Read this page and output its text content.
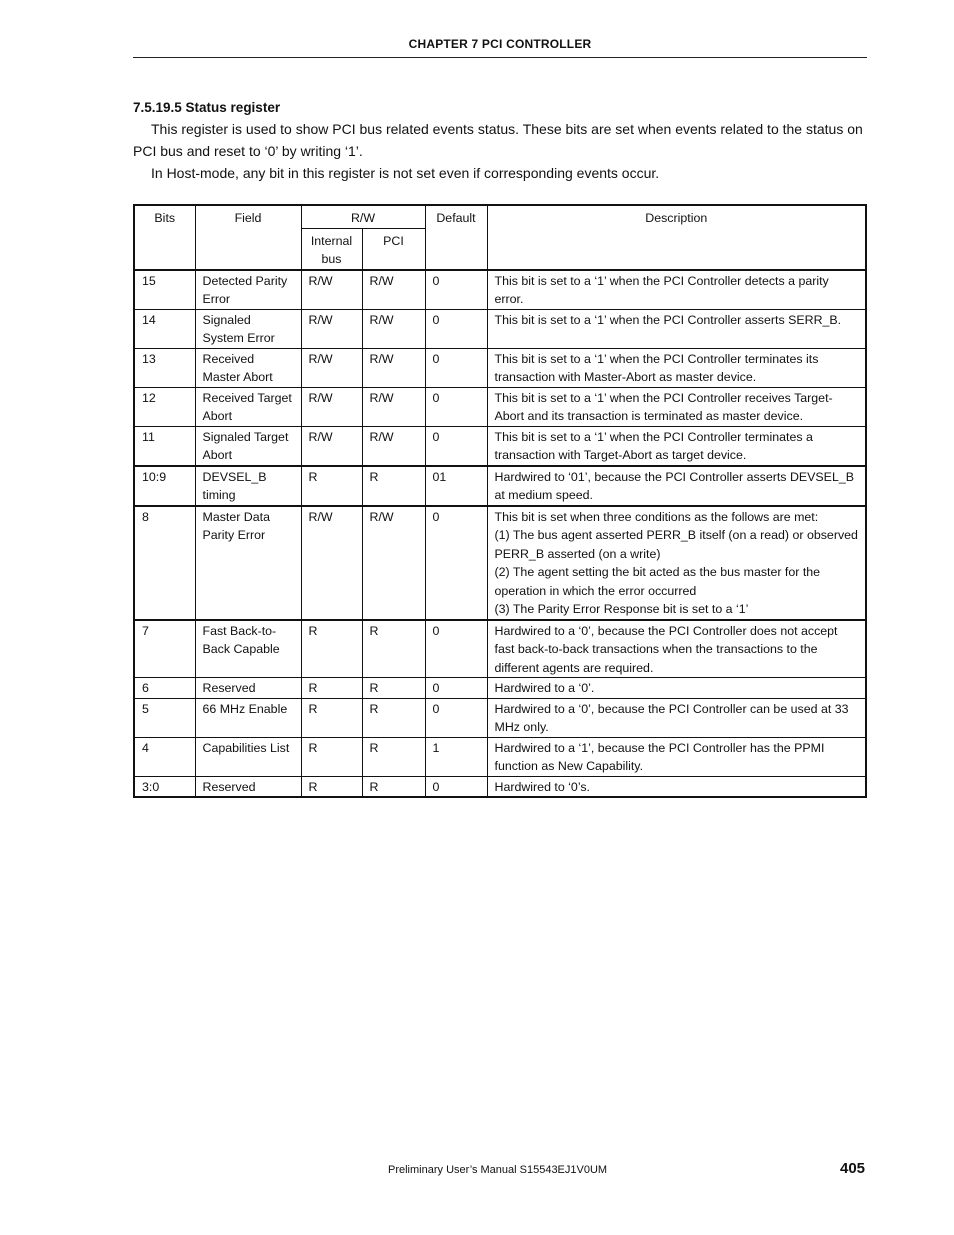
CHAPTER 7 PCI CONTROLLER
7.5.19.5 Status register
This register is used to show PCI bus related events status. These bits are set when events related to the status on PCI bus and reset to ‘0’ by writing ‘1’.
In Host-mode, any bit in this register is not set even if corresponding events occur.
Bits	Field	R/W		Default	Description
		Internal bus	PCI		
15	Detected Parity Error	R/W	R/W	0	This bit is set to a ‘1’ when the PCI Controller detects a parity error.

14	Signaled System Error	R/W	R/W	0	This bit is set to a ‘1’ when the PCI Controller asserts SERR_B.

13	Received Master Abort	R/W	R/W	0	This bit is set to a ‘1’ when the PCI Controller terminates its transaction with Master-Abort as master device.

12	Received Target Abort	R/W	R/W	0	This bit is set to a ‘1’ when the PCI Controller receives Target-Abort and its transaction is terminated as master device.

11	Signaled Target Abort	R/W	R/W	0	This bit is set to a ‘1’ when the PCI Controller terminates a transaction with Target-Abort as target device.

10:9	DEVSEL_B timing	R	R	01	Hardwired to ‘01’, because the PCI Controller asserts DEVSEL_B at medium speed.

8	Master Data Parity Error	R/W	R/W	0	This bit is set when three conditions as the follows are met:
(1) The bus agent asserted PERR_B itself (on a read) or observed PERR_B asserted (on a write)
(2) The agent setting the bit acted as the bus master for the operation in which the error occurred
(3) The Parity Error Response bit is set to a ‘1’

7	Fast Back-to-Back Capable	R	R	0	Hardwired to a ‘0’, because the PCI Controller does not accept fast back-to-back transactions when the transactions to the different agents are required.

6	Reserved	R	R	0	Hardwired to a ‘0’.

5	66 MHz Enable	R	R	0	Hardwired to a ‘0’, because the PCI Controller can be used at 33 MHz only.

4	Capabilities List	R	R	1	Hardwired to a ‘1’, because the PCI Controller has the PPMI function as New Capability.

3:0	Reserved	R	R	0	Hardwired to ‘0’s.
Preliminary User’s Manual S15543EJ1V0UM	405
